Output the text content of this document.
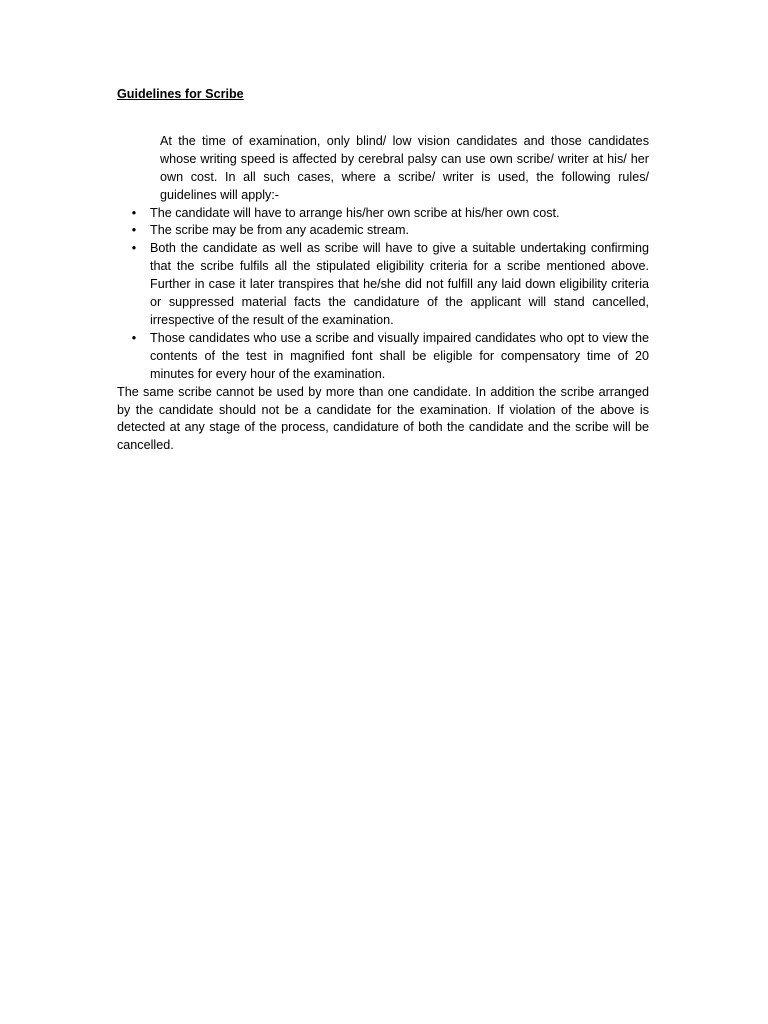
Guidelines for Scribe

At the time of examination, only blind/ low vision candidates and those candidates whose writing speed is affected by cerebral palsy can use own scribe/ writer at his/ her own cost. In all such cases, where a scribe/ writer is used, the following rules/ guidelines will apply:-

• The candidate will have to arrange his/her own scribe at his/her own cost.
• The scribe may be from any academic stream.
• Both the candidate as well as scribe will have to give a suitable undertaking confirming that the scribe fulfils all the stipulated eligibility criteria for a scribe mentioned above. Further in case it later transpires that he/she did not fulfill any laid down eligibility criteria or suppressed material facts the candidature of the applicant will stand cancelled, irrespective of the result of the examination.
• Those candidates who use a scribe and visually impaired candidates who opt to view the contents of the test in magnified font shall be eligible for compensatory time of 20 minutes for every hour of the examination.

The same scribe cannot be used by more than one candidate. In addition the scribe arranged by the candidate should not be a candidate for the examination. If violation of the above is detected at any stage of the process, candidature of both the candidate and the scribe will be cancelled.
